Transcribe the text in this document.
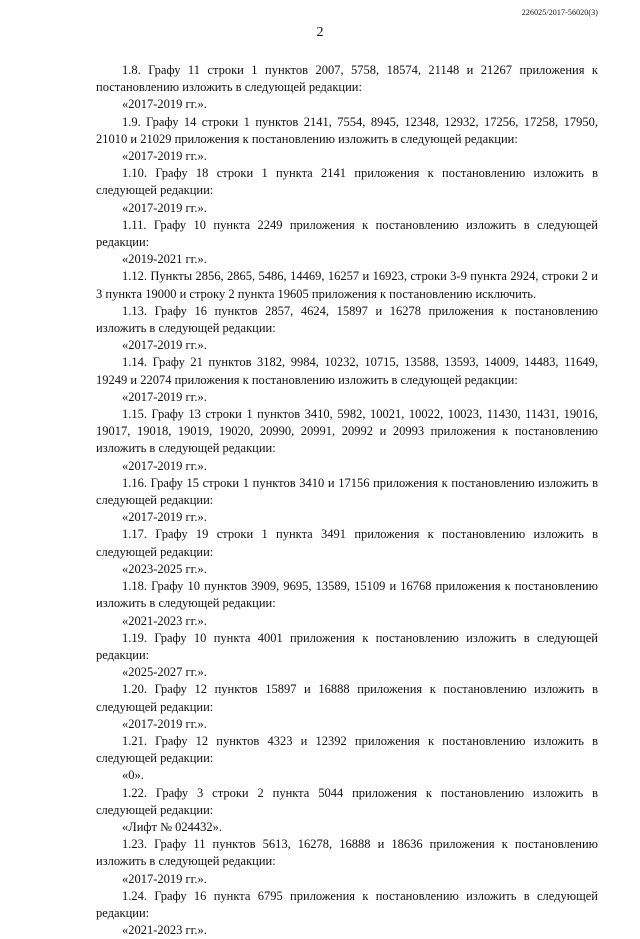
226025/2017-56020(3)
2

1.8. Графу 11 строки 1 пунктов 2007, 5758, 18574, 21148 и 21267 приложения к постановлению изложить в следующей редакции:

«2017-2019 гг.».

1.9. Графу 14 строки 1 пунктов 2141, 7554, 8945, 12348, 12932, 17256, 17258, 17950, 21010 и 21029 приложения к постановлению изложить в следующей редакции:

«2017-2019 гг.».

1.10. Графу 18 строки 1 пункта 2141 приложения к постановлению изложить в следующей редакции:

«2017-2019 гг.».

1.11. Графу 10 пункта 2249 приложения к постановлению изложить в следующей редакции:

«2019-2021 гг.».

1.12. Пункты 2856, 2865, 5486, 14469, 16257 и 16923, строки 3-9 пункта 2924, строки 2 и 3 пункта 19000 и строку 2 пункта 19605 приложения к постановлению исключить.

1.13. Графу 16 пунктов 2857, 4624, 15897 и 16278 приложения к постановлению изложить в следующей редакции:

«2017-2019 гг.».

1.14. Графу 21 пунктов 3182, 9984, 10232, 10715, 13588, 13593, 14009, 14483, 11649, 19249 и 22074 приложения к постановлению изложить в следующей редакции:

«2017-2019 гг.».

1.15. Графу 13 строки 1 пунктов 3410, 5982, 10021, 10022, 10023, 11430, 11431, 19016, 19017, 19018, 19019, 19020, 20990, 20991, 20992 и 20993 приложения к постановлению изложить в следующей редакции:

«2017-2019 гг.».

1.16. Графу 15 строки 1 пунктов 3410 и 17156 приложения к постановлению изложить в следующей редакции:

«2017-2019 гг.».

1.17. Графу 19 строки 1 пункта 3491 приложения к постановлению изложить в следующей редакции:

«2023-2025 гг.».

1.18. Графу 10 пунктов 3909, 9695, 13589, 15109 и 16768 приложения к постановлению изложить в следующей редакции:

«2021-2023 гг.».

1.19. Графу 10 пункта 4001 приложения к постановлению изложить в следующей редакции:

«2025-2027 гг.».

1.20. Графу 12 пунктов 15897 и 16888 приложения к постановлению изложить в следующей редакции:

«2017-2019 гг.».

1.21. Графу 12 пунктов 4323 и 12392 приложения к постановлению изложить в следующей редакции:

«0».

1.22. Графу 3 строки 2 пункта 5044 приложения к постановлению изложить в следующей редакции:

«Лифт № 024432».

1.23. Графу 11 пунктов 5613, 16278, 16888 и 18636 приложения к постановлению изложить в следующей редакции:

«2017-2019 гг.».

1.24. Графу 16 пункта 6795 приложения к постановлению изложить в следующей редакции:

«2021-2023 гг.».
